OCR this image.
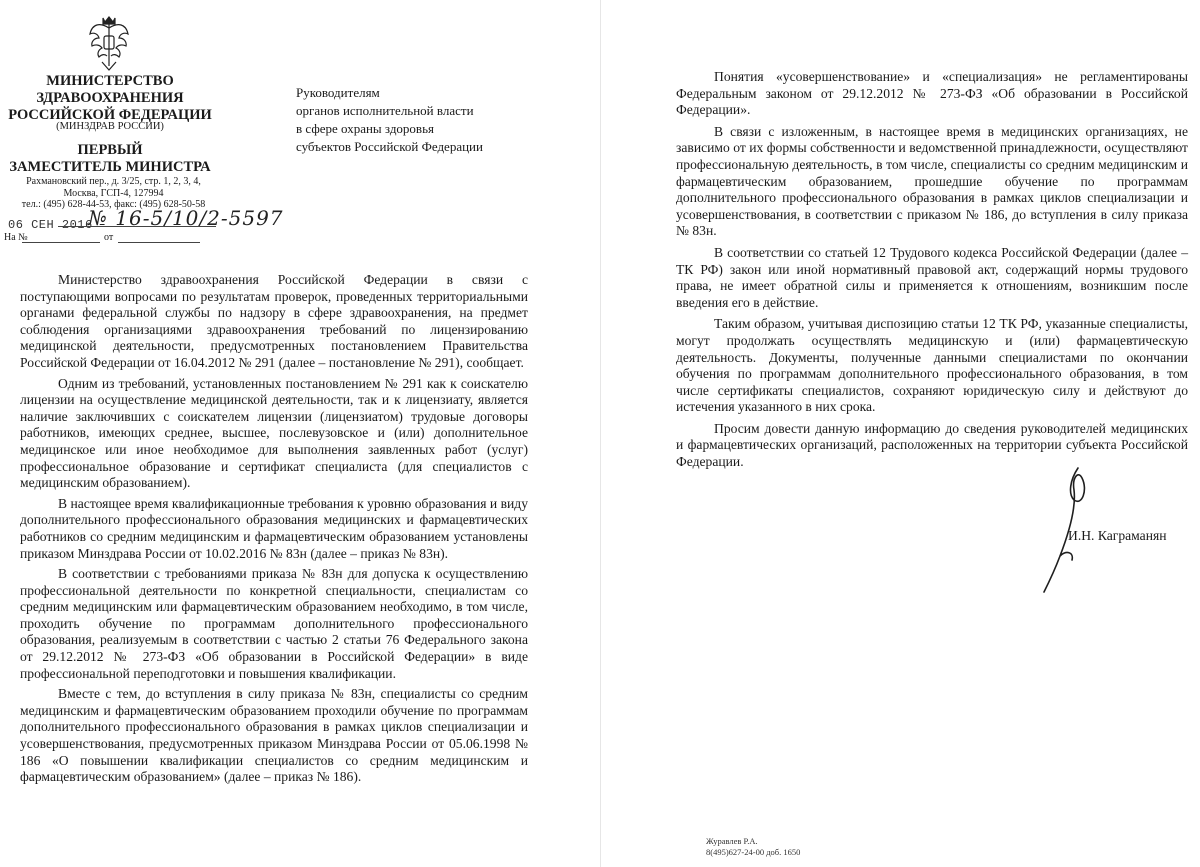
МИНИСТЕРСТВО
ЗДРАВООХРАНЕНИЯ
РОССИЙСКОЙ ФЕДЕРАЦИИ
(МИНЗДРАВ РОССИИ)
ПЕРВЫЙ
ЗАМЕСТИТЕЛЬ МИНИСТРА
Рахмановский пер., д. 3/25, стр. 1, 2, 3, 4,
Москва, ГСП-4, 127994
тел.: (495) 628-44-53, факс: (495) 628-50-58
06 СЕН 2016
№ 16-5/10/2-5597
На №	от
Руководителям
органов исполнительной власти
в сфере охраны здоровья
субъектов Российской Федерации

Министерство здравоохранения Российской Федерации в связи с поступающими вопросами по результатам проверок, проведенных территориальными органами федеральной службы по надзору в сфере здравоохранения, на предмет соблюдения организациями здравоохранения требований по лицензированию медицинской деятельности, предусмотренных постановлением Правительства Российской Федерации от 16.04.2012 № 291 (далее – постановление № 291), сообщает.

Одним из требований, установленных постановлением № 291 как к соискателю лицензии на осуществление медицинской деятельности, так и к лицензиату, является наличие заключивших с соискателем лицензии (лицензиатом) трудовые договоры работников, имеющих среднее, высшее, послевузовское и (или) дополнительное медицинское или иное необходимое для выполнения заявленных работ (услуг) профессиональное образование и сертификат специалиста (для специалистов с медицинским образованием).

В настоящее время квалификационные требования к уровню образования и виду дополнительного профессионального образования медицинских и фармацевтических работников со средним медицинским и фармацевтическим образованием установлены приказом Минздрава России от 10.02.2016 № 83н (далее – приказ № 83н).

В соответствии с требованиями приказа № 83н для допуска к осуществлению профессиональной деятельности по конкретной специальности, специалистам со средним медицинским или фармацевтическим образованием необходимо, в том числе, проходить обучение по программам дополнительного профессионального образования, реализуемым в соответствии с частью 2 статьи 76 Федерального закона от 29.12.2012 № 273-ФЗ «Об образовании в Российской Федерации» в виде профессиональной переподготовки и повышения квалификации.

Вместе с тем, до вступления в силу приказа № 83н, специалисты со средним медицинским и фармацевтическим образованием проходили обучение по программам дополнительного профессионального образования в рамках циклов специализации и усовершенствования, предусмотренных приказом Минздрава России от 05.06.1998 № 186 «О повышении квалификации специалистов со средним медицинским и фармацевтическим образованием» (далее – приказ № 186).

Понятия «усовершенствование» и «специализация» не регламентированы Федеральным законом от 29.12.2012 № 273-ФЗ «Об образовании в Российской Федерации».

В связи с изложенным, в настоящее время в медицинских организациях, не зависимо от их формы собственности и ведомственной принадлежности, осуществляют профессиональную деятельность, в том числе, специалисты со средним медицинским и фармацевтическим образованием, прошедшие обучение по программам дополнительного профессионального образования в рамках циклов специализации и усовершенствования, в соответствии с приказом № 186, до вступления в силу приказа № 83н.

В соответствии со статьей 12 Трудового кодекса Российской Федерации (далее – ТК РФ) закон или иной нормативный правовой акт, содержащий нормы трудового права, не имеет обратной силы и применяется к отношениям, возникшим после введения его в действие.

Таким образом, учитывая диспозицию статьи 12 ТК РФ, указанные специалисты, могут продолжать осуществлять медицинскую и (или) фармацевтическую деятельность. Документы, полученные данными специалистами по окончании обучения по программам дополнительного профессионального образования, в том числе сертификаты специалистов, сохраняют юридическую силу и действуют до истечения указанного в них срока.

Просим довести данную информацию до сведения руководителей медицинских и фармацевтических организаций, расположенных на территории субъекта Российской Федерации.

И.Н. Каграманян
Журавлев Р.А.
8(495)627-24-00 доб. 1650
